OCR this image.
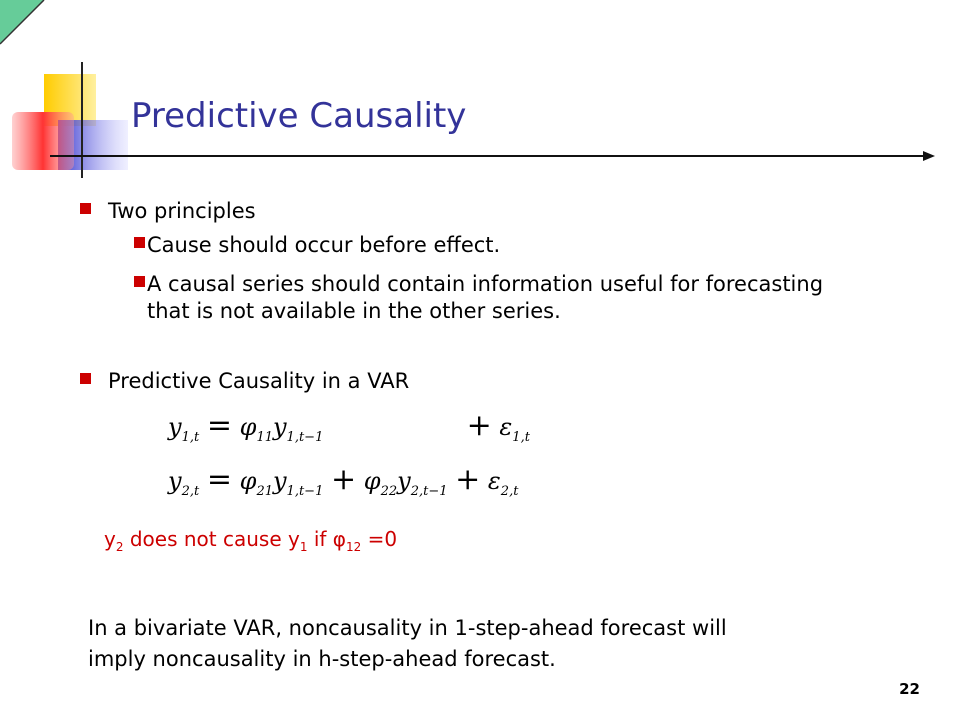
Predictive Causality
Two principles
Cause should occur before effect.
A causal series should contain information useful for forecasting
that is not available in the other series.
Predictive Causality in a VAR
$y_{1,t} = \varphi_{11}y_{1,t-1}$	+ $\varepsilon_{1,t}$
$y_{2,t} = \varphi_{21}y_{1,t-1} + \varphi_{22}y_{2,t-1} + \varepsilon_{2,t}$
$y_2$ does not cause $y_1$ if $\varphi_{12} =0$
In a bivariate VAR, noncausality in 1-step-ahead forecast will
imply noncausality in h-step-ahead forecast.
22
